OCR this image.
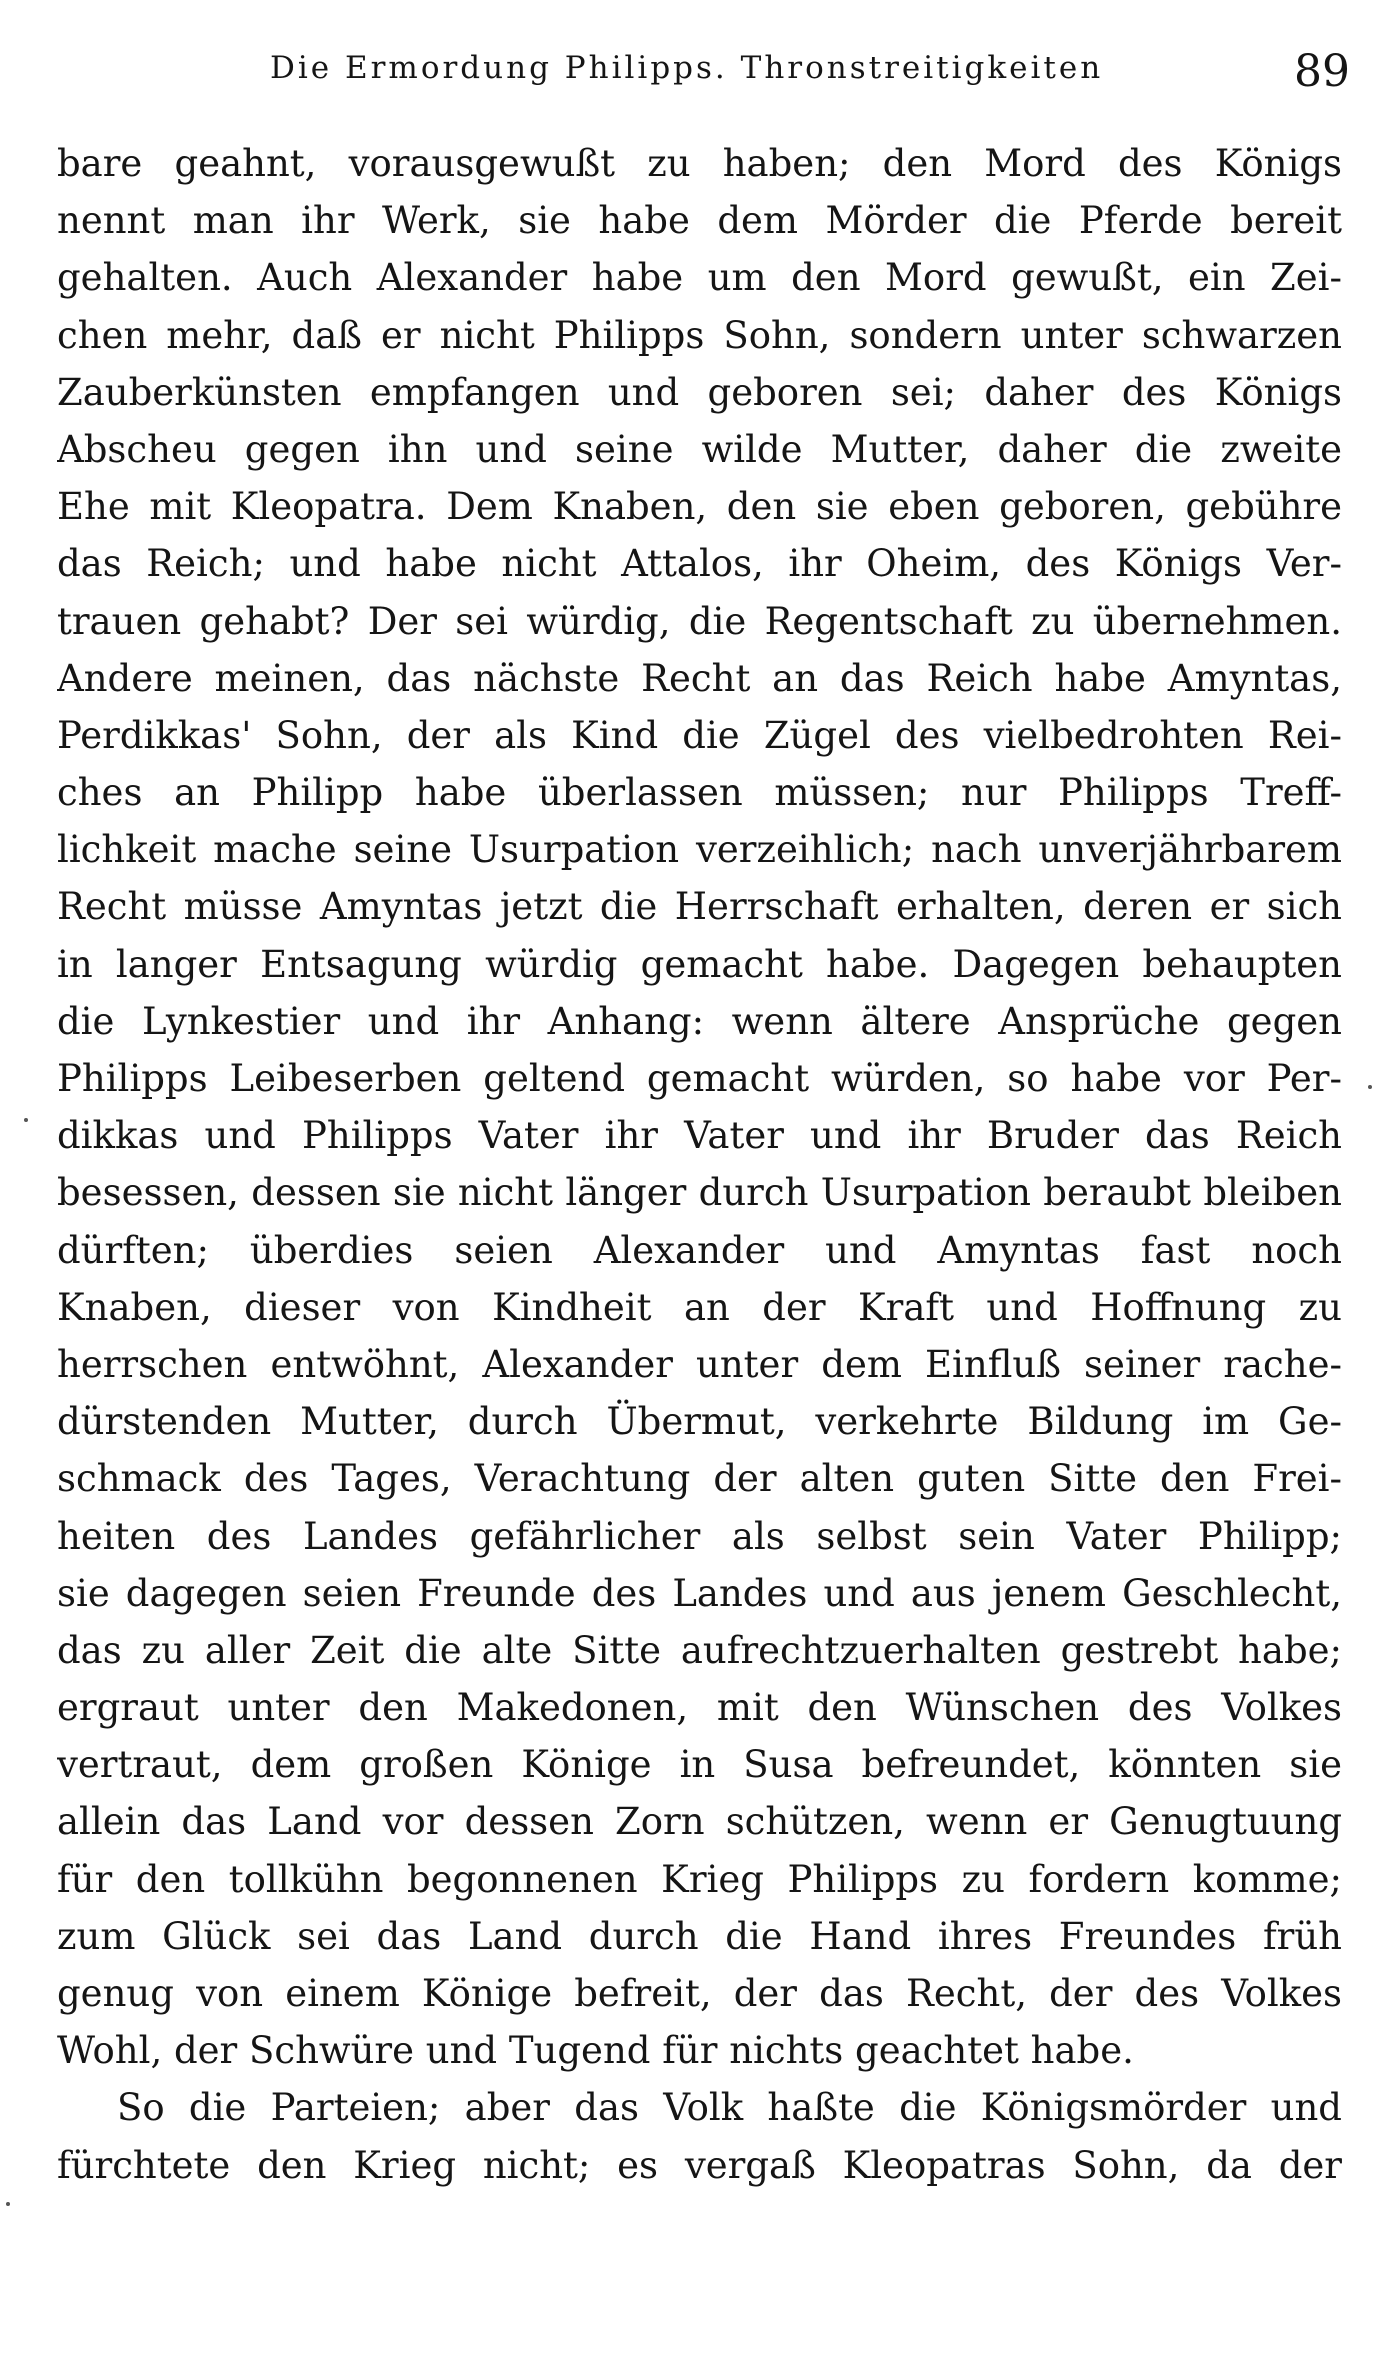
Die Ermordung Philipps. Thronstreitigkeiten	89
bare geahnt, vorausgewußt zu haben; den Mord des Königs
nennt man ihr Werk, sie habe dem Mörder die Pferde bereit
gehalten. Auch Alexander habe um den Mord gewußt, ein Zei-
chen mehr, daß er nicht Philipps Sohn, sondern unter schwarzen
Zauberkünsten empfangen und geboren sei; daher des Königs
Abscheu gegen ihn und seine wilde Mutter, daher die zweite
Ehe mit Kleopatra. Dem Knaben, den sie eben geboren, gebühre
das Reich; und habe nicht Attalos, ihr Oheim, des Königs Ver-
trauen gehabt? Der sei würdig, die Regentschaft zu übernehmen.
Andere meinen, das nächste Recht an das Reich habe Amyntas,
Perdikkas' Sohn, der als Kind die Zügel des vielbedrohten Rei-
ches an Philipp habe überlassen müssen; nur Philipps Treff-
lichkeit mache seine Usurpation verzeihlich; nach unverjährbarem
Recht müsse Amyntas jetzt die Herrschaft erhalten, deren er sich
in langer Entsagung würdig gemacht habe. Dagegen behaupten
die Lynkestier und ihr Anhang: wenn ältere Ansprüche gegen
Philipps Leibeserben geltend gemacht würden, so habe vor Per-
dikkas und Philipps Vater ihr Vater und ihr Bruder das Reich
besessen, dessen sie nicht länger durch Usurpation beraubt bleiben
dürften; überdies seien Alexander und Amyntas fast noch
Knaben, dieser von Kindheit an der Kraft und Hoffnung zu
herrschen entwöhnt, Alexander unter dem Einfluß seiner rache-
dürstenden Mutter, durch Übermut, verkehrte Bildung im Ge-
schmack des Tages, Verachtung der alten guten Sitte den Frei-
heiten des Landes gefährlicher als selbst sein Vater Philipp;
sie dagegen seien Freunde des Landes und aus jenem Geschlecht,
das zu aller Zeit die alte Sitte aufrechtzuerhalten gestrebt habe;
ergraut unter den Makedonen, mit den Wünschen des Volkes
vertraut, dem großen Könige in Susa befreundet, könnten sie
allein das Land vor dessen Zorn schützen, wenn er Genugtuung
für den tollkühn begonnenen Krieg Philipps zu fordern komme;
zum Glück sei das Land durch die Hand ihres Freundes früh
genug von einem Könige befreit, der das Recht, der des Volkes
Wohl, der Schwüre und Tugend für nichts geachtet habe.
So die Parteien; aber das Volk haßte die Königsmörder und
fürchtete den Krieg nicht; es vergaß Kleopatras Sohn, da der
